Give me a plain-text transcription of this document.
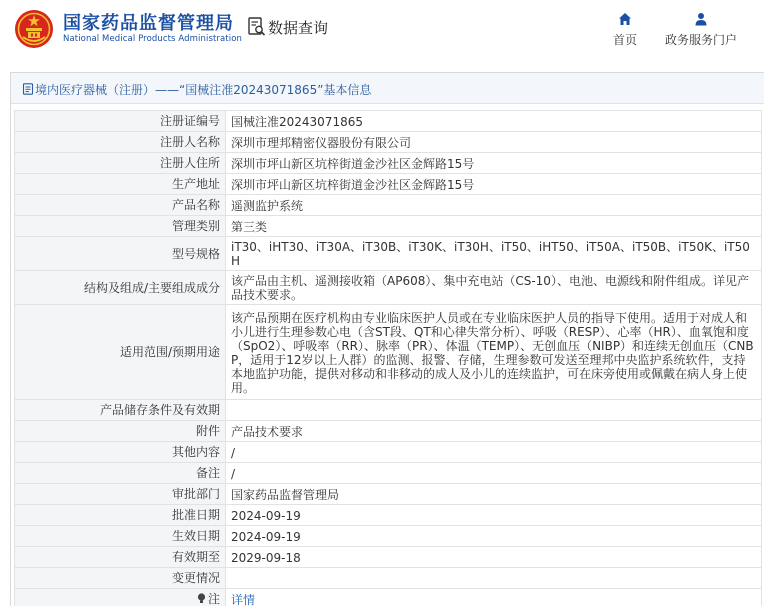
国家药品监督管理局
National Medical Products Administration
数据查询
首页	政务服务门户
境内医疗器械（注册）——“国械注准20243071865”基本信息
注册证编号	国械注准20243071865
注册人名称	深圳市理邦精密仪器股份有限公司
注册人住所	深圳市坪山新区坑梓街道金沙社区金辉路15号
生产地址	深圳市坪山新区坑梓街道金沙社区金辉路15号
产品名称	遥测监护系统
管理类别	第三类
型号规格	iT30、iHT30、iT30A、iT30B、iT30K、iT30H、iT50、iHT50、iT50A、iT50B、iT50K、iT50H
结构及组成/主要组成成分	该产品由主机、遥测接收箱（AP608）、集中充电站（CS-10）、电池、电源线和附件组成。详见产品技术要求。
适用范围/预期用途	该产品预期在医疗机构由专业临床医护人员或在专业临床医护人员的指导下使用。适用于对成人和小儿进行生理参数心电（含ST段、QT和心律失常分析）、呼吸（RESP）、心率（HR）、血氧饱和度（SpO2）、呼吸率（RR）、脉率（PR）、体温（TEMP）、无创血压（NIBP）和连续无创血压（CNBP，适用于12岁以上人群）的监测、报警、存储，生理参数可发送至理邦中央监护系统软件，支持本地监护功能，提供对移动和非移动的成人及小儿的连续监护，可在床旁使用或佩戴在病人身上使用。
产品储存条件及有效期	
附件	产品技术要求
其他内容	/
备注	/
审批部门	国家药品监督管理局
批准日期	2024-09-19
生效日期	2024-09-19
有效期至	2029-09-18
变更情况	
注	详情
